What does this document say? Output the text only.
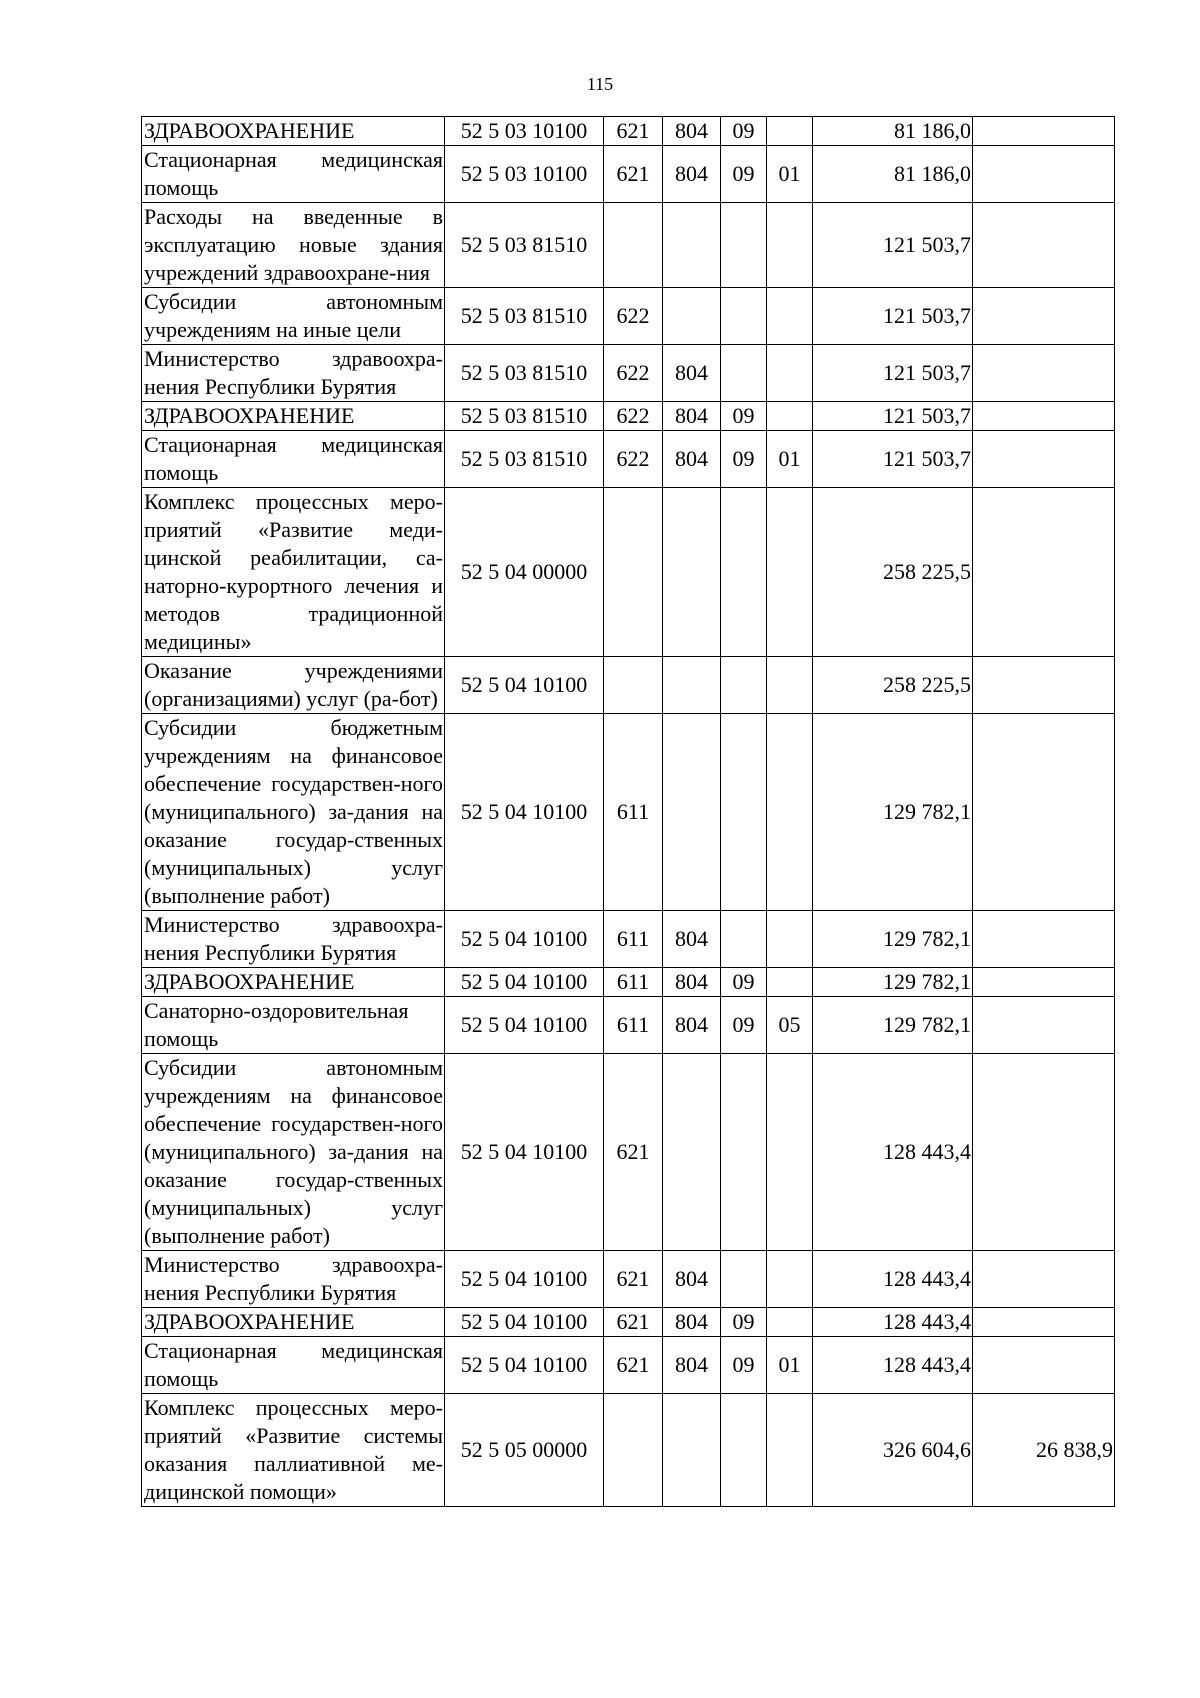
115
ЗДРАВООХРАНЕНИЕ	52 5 03 10100	621	804	09		81 186,0	
Стационарная медицинская помощь	52 5 03 10100	621	804	09	01	81 186,0	
Расходы на введенные в эксплуатацию новые здания учреждений здравоохране-ния	52 5 03 81510					121 503,7	
Субсидии автономным учреждениям на иные цели	52 5 03 81510	622				121 503,7	
Министерство здравоохра-нения Республики Бурятия	52 5 03 81510	622	804			121 503,7	
ЗДРАВООХРАНЕНИЕ	52 5 03 81510	622	804	09		121 503,7	
Стационарная медицинская помощь	52 5 03 81510	622	804	09	01	121 503,7	
Комплекс процессных меро-приятий «Развитие меди-цинской реабилитации, са-наторно-курортного лечения и методов традиционной медицины»	52 5 04 00000					258 225,5	
Оказание учреждениями (организациями) услуг (ра-бот)	52 5 04 10100					258 225,5	
Субсидии бюджетным учреждениям на финансовое обеспечение государствен-ного (муниципального) за-дания на оказание государ-ственных (муниципальных) услуг (выполнение работ)	52 5 04 10100	611				129 782,1	
Министерство здравоохра-нения Республики Бурятия	52 5 04 10100	611	804			129 782,1	
ЗДРАВООХРАНЕНИЕ	52 5 04 10100	611	804	09		129 782,1	
Санаторно-оздоровительная помощь	52 5 04 10100	611	804	09	05	129 782,1	
Субсидии автономным учреждениям на финансовое обеспечение государствен-ного (муниципального) за-дания на оказание государ-ственных (муниципальных) услуг (выполнение работ)	52 5 04 10100	621				128 443,4	
Министерство здравоохра-нения Республики Бурятия	52 5 04 10100	621	804			128 443,4	
ЗДРАВООХРАНЕНИЕ	52 5 04 10100	621	804	09		128 443,4	
Стационарная медицинская помощь	52 5 04 10100	621	804	09	01	128 443,4	
Комплекс процессных меро-приятий «Развитие системы оказания паллиативной ме-дицинской помощи»	52 5 05 00000					326 604,6	26 838,9
